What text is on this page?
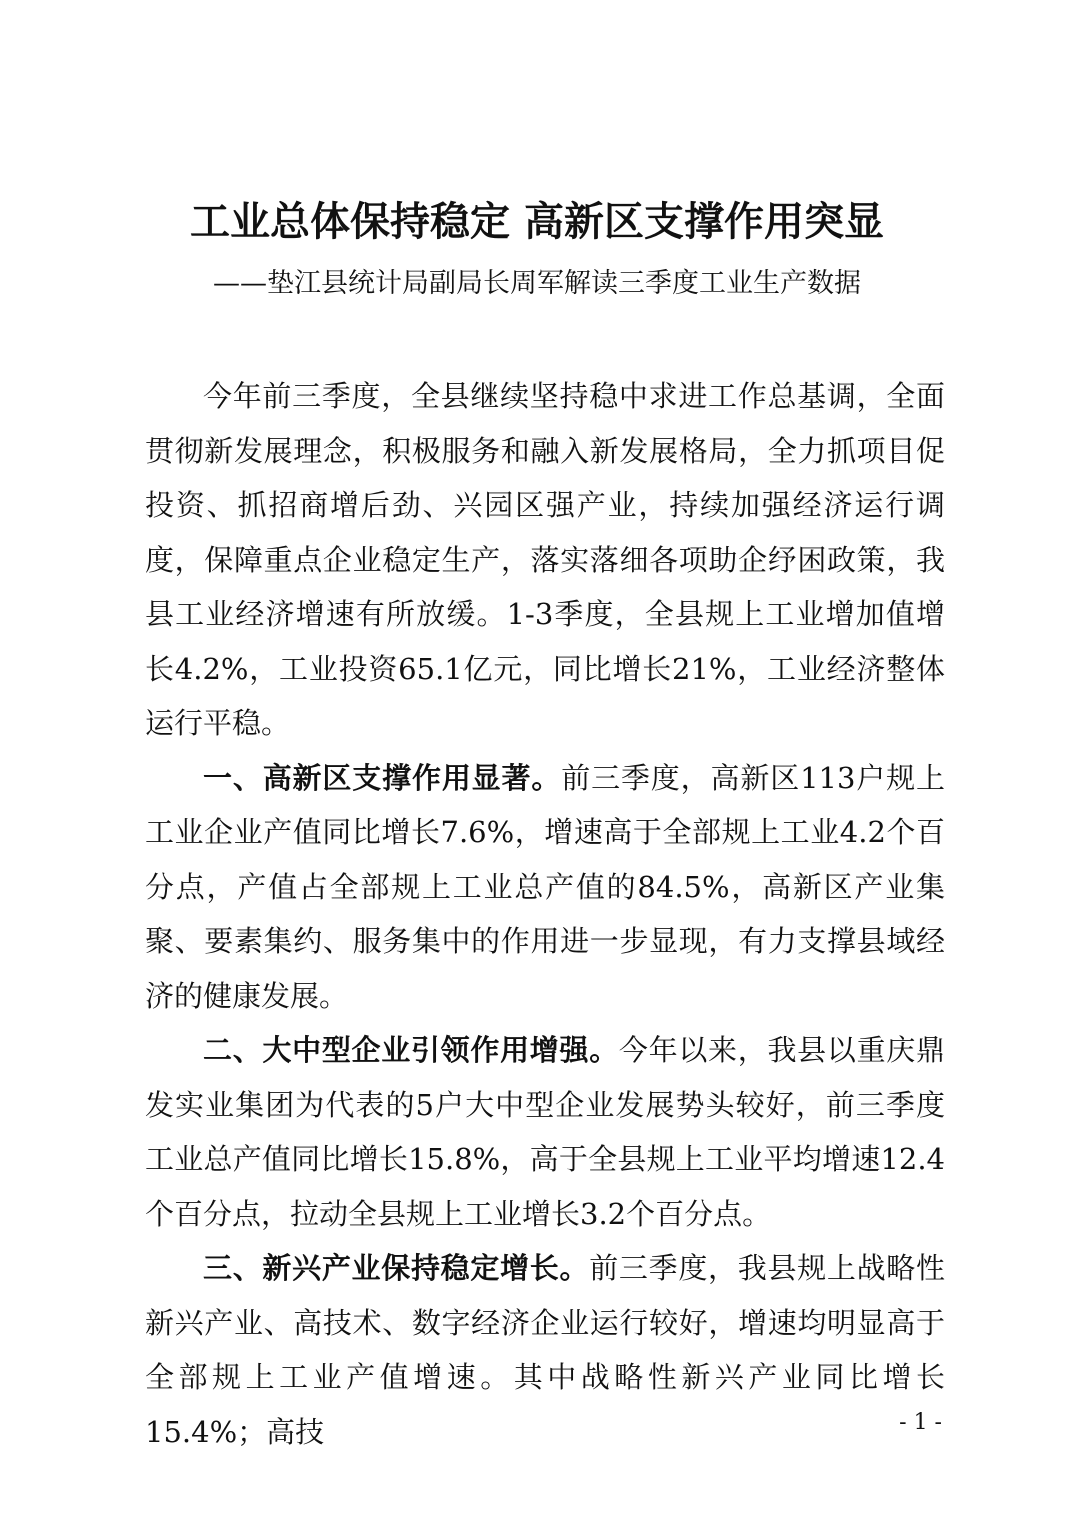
工业总体保持稳定 高新区支撑作用突显
——垫江县统计局副局长周军解读三季度工业生产数据

今年前三季度，全县继续坚持稳中求进工作总基调，全面贯彻新发展理念，积极服务和融入新发展格局，全力抓项目促投资、抓招商增后劲、兴园区强产业，持续加强经济运行调度，保障重点企业稳定生产，落实落细各项助企纾困政策，我县工业经济增速有所放缓。1-3季度，全县规上工业增加值增长4.2%，工业投资65.1亿元，同比增长21%，工业经济整体运行平稳。

一、高新区支撑作用显著。前三季度，高新区113户规上工业企业产值同比增长7.6%，增速高于全部规上工业4.2个百分点，产值占全部规上工业总产值的84.5%，高新区产业集聚、要素集约、服务集中的作用进一步显现，有力支撑县域经济的健康发展。

二、大中型企业引领作用增强。今年以来，我县以重庆鼎发实业集团为代表的5户大中型企业发展势头较好，前三季度工业总产值同比增长15.8%，高于全县规上工业平均增速12.4个百分点，拉动全县规上工业增长3.2个百分点。

三、新兴产业保持稳定增长。前三季度，我县规上战略性新兴产业、高技术、数字经济企业运行较好，增速均明显高于全部规上工业产值增速。其中战略性新兴产业同比增长15.4%；高技	- 1 -
